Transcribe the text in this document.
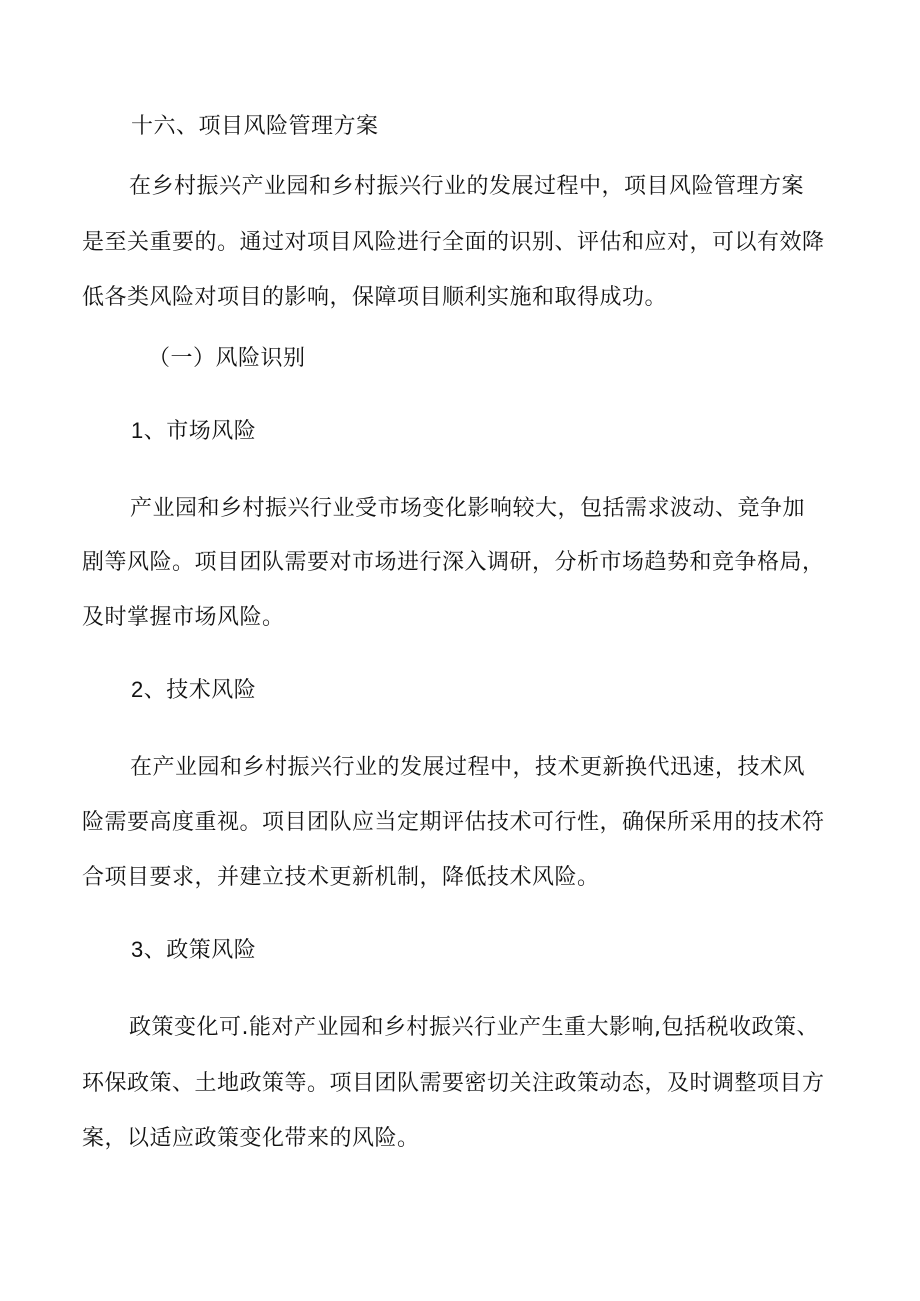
十六、项目风险管理方案
在乡村振兴产业园和乡村振兴行业的发展过程中，项目风险管理方案
是至关重要的。通过对项目风险进行全面的识别、评估和应对，可以有效降
低各类风险对项目的影响，保障项目顺利实施和取得成功。
（一）风险识别
1、市场风险
产业园和乡村振兴行业受市场变化影响较大，包括需求波动、竞争加
剧等风险。项目团队需要对市场进行深入调研，分析市场趋势和竞争格局，
及时掌握市场风险。
2、技术风险
在产业园和乡村振兴行业的发展过程中，技术更新换代迅速，技术风
险需要高度重视。项目团队应当定期评估技术可行性，确保所采用的技术符
合项目要求，并建立技术更新机制，降低技术风险。
3、政策风险
政策变化可.能对产业园和乡村振兴行业产生重大影响,包括税收政策、
环保政策、土地政策等。项目团队需要密切关注政策动态，及时调整项目方
案，以适应政策变化带来的风险。
